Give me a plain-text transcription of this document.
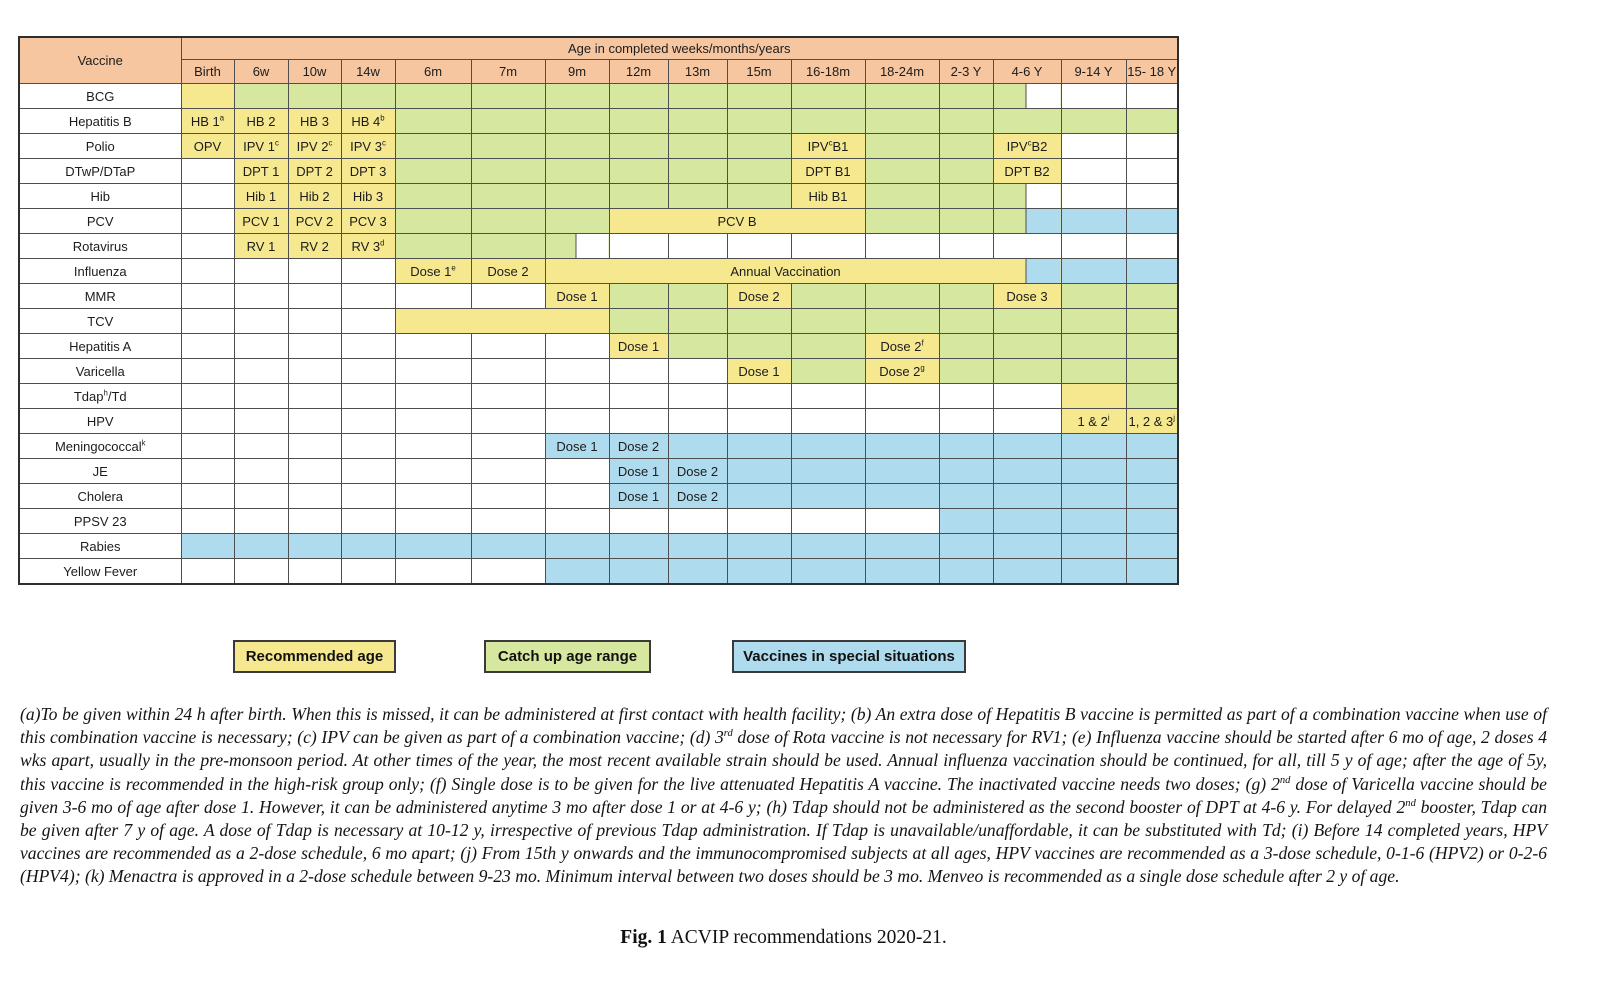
Vaccine	Age in completed weeks/months/years															
	Birth	6w	10w	14w	6m	7m	9m	12m	13m	15m	16-18m	18-24m	2-3 Y	4-6 Y	9-14 Y	15- 18 Y
BCG																
Hepatitis B	HB 1$^a$	HB 2	HB 3	HB 4$^b$												
Polio	OPV	IPV 1$^c$	IPV 2$^c$	IPV 3$^c$							IPV$^c$B1			IPV$^c$B2		
DTwP/DTaP		DPT 1	DPT 2	DPT 3							DPT B1			DPT B2		
Hib		Hib 1	Hib 2	Hib 3							Hib B1					
PCV		PCV 1	PCV 2	PCV 3				PCV B								
Rotavirus		RV 1	RV 2	RV 3$^d$												
Influenza					Dose 1e	Dose 2	Annual Vaccination									

MMR							Dose 1			Dose 2				Dose 3		
TCV																
Hepatitis A								Dose 1				Dose 2$^f$				
Varicella										Dose 1		Dose 2$^g$				
Tdap$^h$/Td																
HPV															1 & 2$^i$	1, 2 & 3$^j$
Meningococcal$^k$							Dose 1	Dose 2								
JE								Dose 1	Dose 2							
Cholera								Dose 1	Dose 2							
PPSV 23																
Rabies																
Yellow Fever																
Recommended age	Catch up age range	Vaccines in special situations

(a)To be given within 24 h after birth. When this is missed, it can be administered at first contact with health facility; (b) An extra dose of Hepatitis B vaccine is permitted as part of a combination vaccine when use of this combination vaccine is necessary; (c) IPV can be given as part of a combination vaccine; (d) 3rd dose of Rota vaccine is not necessary for RV1; (e) Influenza vaccine should be started after 6 mo of age, 2 doses 4 wks apart, usually in the pre-monsoon period. At other times of the year, the most recent available strain should be used. Annual influenza vaccination should be continued, for all, till 5 y of age; after the age of 5y, this vaccine is recommended in the high-risk group only; (f) Single dose is to be given for the live attenuated Hepatitis A vaccine. The inactivated vaccine needs two doses; (g) 2nd dose of Varicella vaccine should be given 3-6 mo of age after dose 1. However, it can be administered anytime 3 mo after dose 1 or at 4-6 y; (h) Tdap should not be administered as the second booster of DPT at 4-6 y. For delayed 2nd booster, Tdap can be given after 7 y of age. A dose of Tdap is necessary at 10-12 y, irrespective of previous Tdap administration. If Tdap is unavailable/unaffordable, it can be substituted with Td; (i) Before 14 completed years, HPV vaccines are recommended as a 2-dose schedule, 6 mo apart; (j) From 15th y onwards and the immunocompromised subjects at all ages, HPV vaccines are recommended as a 3-dose schedule, 0-1-6 (HPV2) or 0-2-6 (HPV4); (k) Menactra is approved in a 2-dose schedule between 9-23 mo. Minimum interval between two doses should be 3 mo. Menveo is recommended as a single dose schedule after 2 y of age.

Fig. 1 ACVIP recommendations 2020-21.
